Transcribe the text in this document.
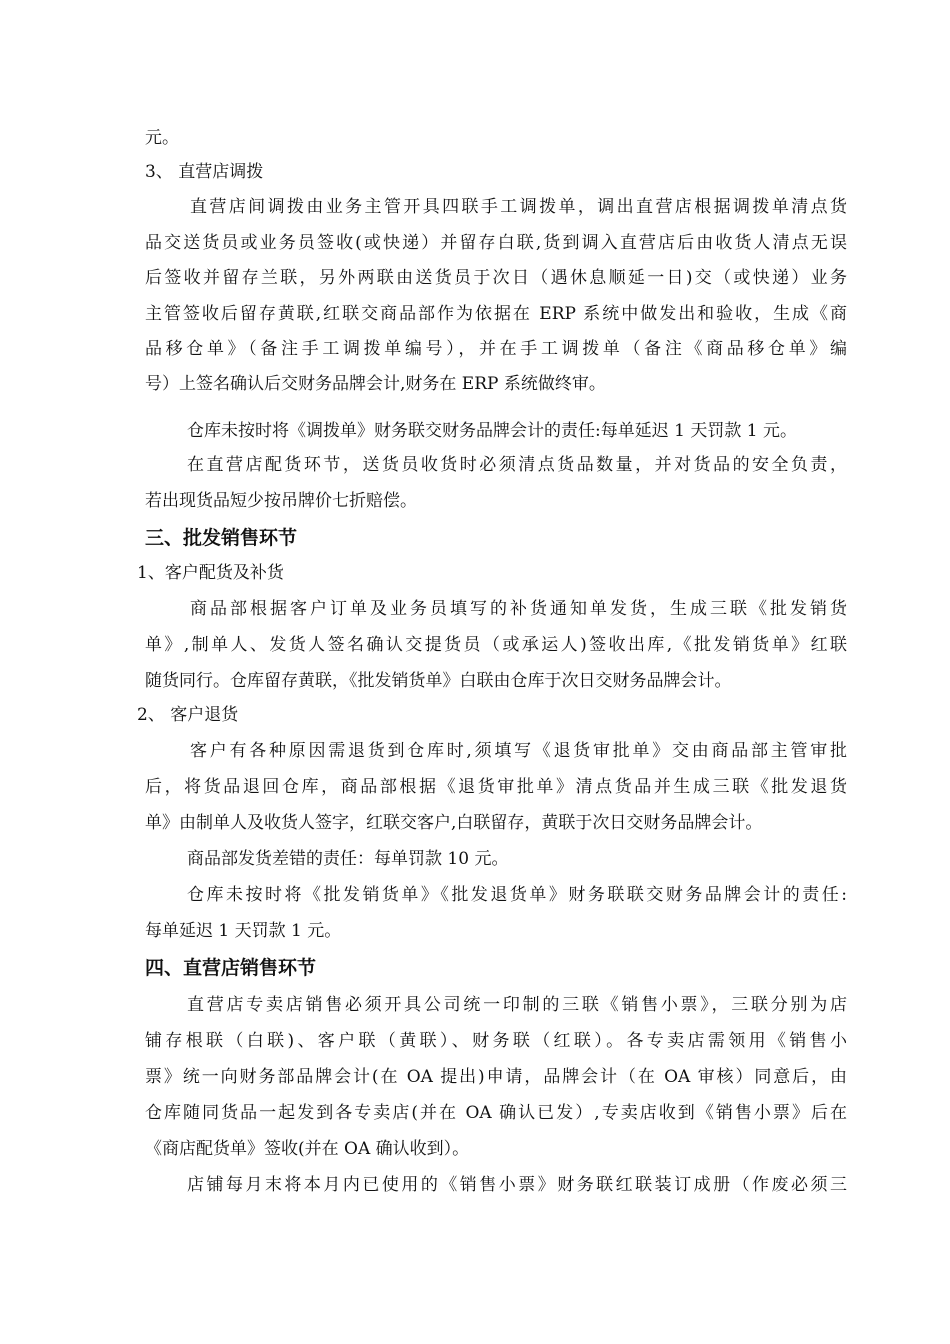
元。
3、 直营店调拨
直营店间调拨由业务主管开具四联手工调拨单，调出直营店根据调拨单清点货
品交送货员或业务员签收(或快递）并留存白联,货到调入直营店后由收货人清点无误
后签收并留存兰联，另外两联由送货员于次日（遇休息顺延一日)交（或快递）业务
主管签收后留存黄联,红联交商品部作为依据在 ERP 系统中做发出和验收，生成《商
品移仓单》（备注手工调拨单编号），并在手工调拨单（备注《商品移仓单》编
号）上签名确认后交财务品牌会计,财务在 ERP 系统做终审。
仓库未按时将《调拨单》财务联交财务品牌会计的责任:每单延迟 1 天罚款 1 元。
在直营店配货环节，送货员收货时必须清点货品数量，并对货品的安全负责，
若出现货品短少按吊牌价七折赔偿。
三、批发销售环节
1、客户配货及补货
商品部根据客户订单及业务员填写的补货通知单发货，生成三联《批发销货
单》,制单人、发货人签名确认交提货员（或承运人)签收出库,《批发销货单》红联
随货同行。仓库留存黄联，《批发销货单》白联由仓库于次日交财务品牌会计。
2、 客户退货
客户有各种原因需退货到仓库时,须填写《退货审批单》交由商品部主管审批
后，将货品退回仓库，商品部根据《退货审批单》清点货品并生成三联《批发退货
单》由制单人及收货人签字，红联交客户,白联留存，黄联于次日交财务品牌会计。
商品部发货差错的责任：每单罚款 10 元。
仓库未按时将《批发销货单》《批发退货单》财务联联交财务品牌会计的责任:
每单延迟 1 天罚款 1 元。
四、直营店销售环节
直营店专卖店销售必须开具公司统一印制的三联《销售小票》，三联分别为店
铺存根联（白联)、客户联（黄联）、财务联（红联）。各专卖店需领用《销售小
票》统一向财务部品牌会计(在 OA 提出)申请，品牌会计（在 OA 审核）同意后，由
仓库随同货品一起发到各专卖店(并在 OA 确认已发）,专卖店收到《销售小票》后在
《商店配货单》签收(并在 OA 确认收到）。
店铺每月末将本月内已使用的《销售小票》财务联红联装订成册（作废必须三
